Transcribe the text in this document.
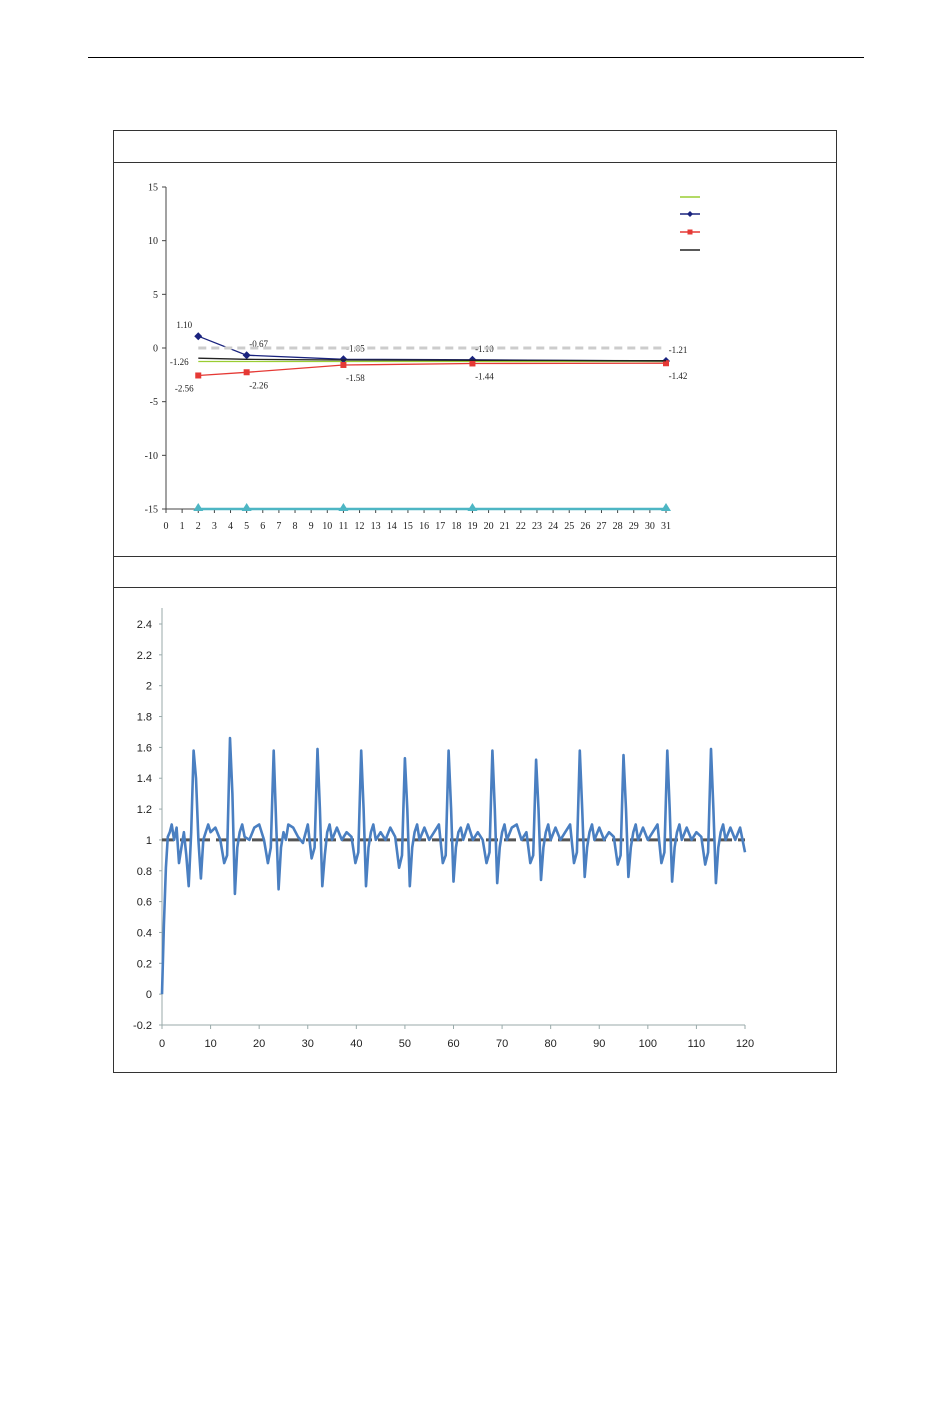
15
10
5
0
-5
-10
-15
0 1 2 3 4 5 6 7 8 9 10 11 12 13 14 15 16 17 18 19 20 21 22 23 24 25 26 27 28 29 30 31
1.10
-0.67	-1.05	-1.10	-1.21
-2.56	-2.26
-1.58	-1.44	-1.42
-1.26
2.4
2.2
2
1.8
1.6
1.4
1.2
1
0.8
0.6
0.4
0.2
0
-0.2
0	10	20	30	40	50	60	70	80	90	100	110	120
